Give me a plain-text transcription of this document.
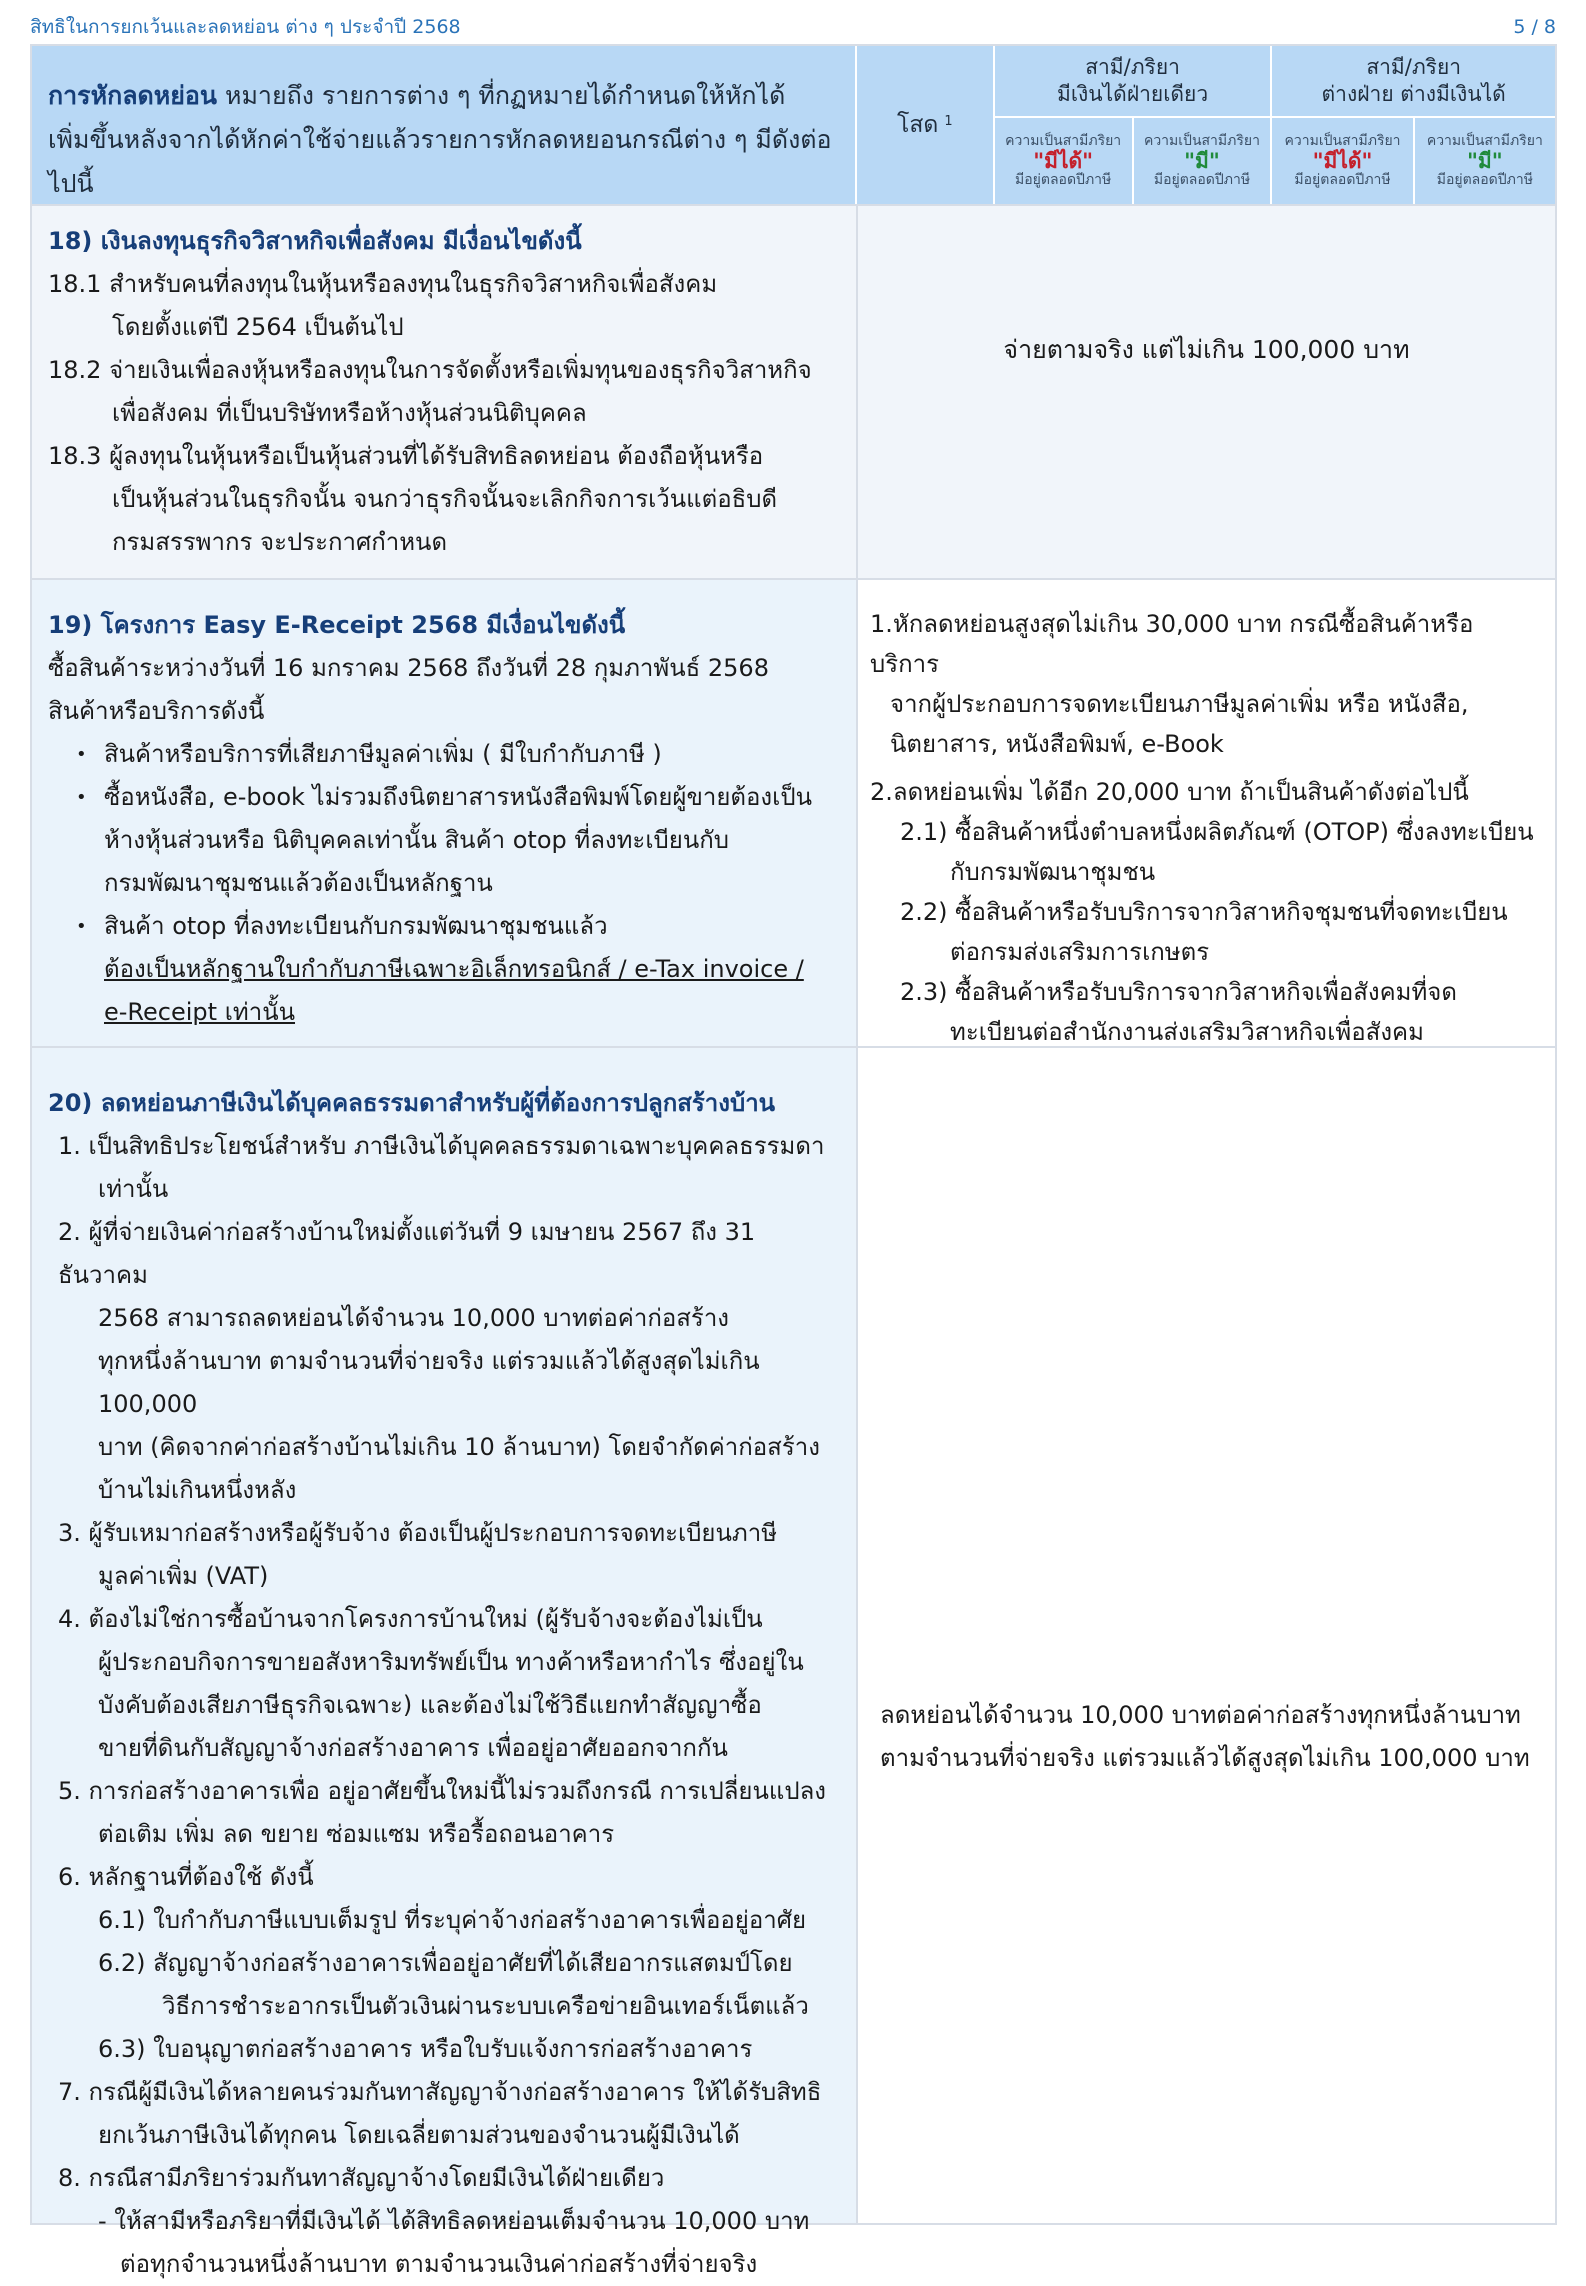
สิทธิในการยกเว้นและลดหย่อน ต่าง ๆ ประจำปี 2568	5 / 8
การหักลดหย่อน หมายถึง รายการต่าง ๆ ที่กฏหมายได้กำหนดให้หักได้
เพิ่มขึ้นหลังจากได้หักค่าใช้จ่ายแล้วรายการหักลดหยอนกรณีต่าง ๆ มีดังต่อไปนี้
โสด $^1$
สามี/ภริยา
มีเงินได้ฝ่ายเดียว
ความเป็นสามีภริยา
"มีได้"
มีอยู่ตลอดปีภาษี
ความเป็นสามีภริยา
"มี"
มีอยู่ตลอดปีภาษี
สามี/ภริยา
ต่างฝ่าย ต่างมีเงินได้
ความเป็นสามีภริยา
"มีได้"
มีอยู่ตลอดปีภาษี
ความเป็นสามีภริยา
"มี"
มีอยู่ตลอดปีภาษี
18) เงินลงทุนธุรกิจวิสาหกิจเพื่อสังคม มีเงื่อนไขดังนี้
18.1 สำหรับคนที่ลงทุนในหุ้นหรือลงทุนในธุรกิจวิสาหกิจเพื่อสังคม
โดยตั้งแต่ปี 2564 เป็นต้นไป
18.2 จ่ายเงินเพื่อลงหุ้นหรือลงทุนในการจัดตั้งหรือเพิ่มทุนของธุรกิจวิสาหกิจ
เพื่อสังคม ที่เป็นบริษัทหรือห้างหุ้นส่วนนิติบุคคล
18.3 ผู้ลงทุนในหุ้นหรือเป็นหุ้นส่วนที่ได้รับสิทธิลดหย่อน ต้องถือหุ้นหรือ
เป็นหุ้นส่วนในธุรกิจนั้น จนกว่าธุรกิจนั้นจะเลิกกิจการเว้นแต่อธิบดี
กรมสรรพากร จะประกาศกำหนด
จ่ายตามจริง แต่ไม่เกิน 100,000 บาท
19) โครงการ Easy E-Receipt 2568 มีเงื่อนไขดังนี้
ซื้อสินค้าระหว่างวันที่ 16 มกราคม 2568 ถึงวันที่ 28 กุมภาพันธ์ 2568
สินค้าหรือบริการดังนี้
• สินค้าหรือบริการที่เสียภาษีมูลค่าเพิ่ม ( มีใบกำกับภาษี )
• ซื้อหนังสือ, e-book ไม่รวมถึงนิตยาสารหนังสือพิมพ์โดยผู้ขายต้องเป็น
ห้างหุ้นส่วนหรือ นิติบุคคลเท่านั้น สินค้า otop ที่ลงทะเบียนกับ
กรมพัฒนาชุมชนแล้วต้องเป็นหลักฐาน
• สินค้า otop ที่ลงทะเบียนกับกรมพัฒนาชุมชนแล้ว
ต้องเป็นหลักฐานใบกำกับภาษีเฉพาะอิเล็กทรอนิกส์ / e-Tax invoice /
e-Receipt เท่านั้น
1.หักลดหย่อนสูงสุดไม่เกิน 30,000 บาท กรณีซื้อสินค้าหรือบริการ
จากผู้ประกอบการจดทะเบียนภาษีมูลค่าเพิ่ม หรือ หนังสือ,
นิตยาสาร, หนังสือพิมพ์, e-Book
2.ลดหย่อนเพิ่ม ได้อีก 20,000 บาท ถ้าเป็นสินค้าดังต่อไปนี้
2.1) ซื้อสินค้าหนึ่งตำบลหนึ่งผลิตภัณฑ์ (OTOP) ซึ่งลงทะเบียน
กับกรมพัฒนาชุมชน
2.2) ซื้อสินค้าหรือรับบริการจากวิสาหกิจชุมชนที่จดทะเบียน
ต่อกรมส่งเสริมการเกษตร
2.3) ซื้อสินค้าหรือรับบริการจากวิสาหกิจเพื่อสังคมที่จด
ทะเบียนต่อสำนักงานส่งเสริมวิสาหกิจเพื่อสังคม
20) ลดหย่อนภาษีเงินได้บุคคลธรรมดาสำหรับผู้ที่ต้องการปลูกสร้างบ้าน
1. เป็นสิทธิประโยชน์สำหรับ ภาษีเงินได้บุคคลธรรมดาเฉพาะบุคคลธรรมดา
เท่านั้น
2. ผู้ที่จ่ายเงินค่าก่อสร้างบ้านใหม่ตั้งแต่วันที่ 9 เมษายน 2567 ถึง 31 ธันวาคม
2568 สามารถลดหย่อนได้จำนวน 10,000 บาทต่อค่าก่อสร้าง
ทุกหนึ่งล้านบาท ตามจำนวนที่จ่ายจริง แต่รวมแล้วได้สูงสุดไม่เกิน 100,000
บาท (คิดจากค่าก่อสร้างบ้านไม่เกิน 10 ล้านบาท) โดยจำกัดค่าก่อสร้าง
บ้านไม่เกินหนึ่งหลัง
3. ผู้รับเหมาก่อสร้างหรือผู้รับจ้าง ต้องเป็นผู้ประกอบการจดทะเบียนภาษี
มูลค่าเพิ่ม (VAT)
4. ต้องไม่ใช่การซื้อบ้านจากโครงการบ้านใหม่ (ผู้รับจ้างจะต้องไม่เป็น
ผู้ประกอบกิจการขายอสังหาริมทรัพย์เป็น ทางค้าหรือหากำไร ซึ่งอยู่ใน
บังคับต้องเสียภาษีธุรกิจเฉพาะ) และต้องไม่ใช้วิธีแยกทำสัญญาซื้อ
ขายที่ดินกับสัญญาจ้างก่อสร้างอาคาร เพื่ออยู่อาศัยออกจากกัน
5. การก่อสร้างอาคารเพื่อ อยู่อาศัยขึ้นใหม่นี้ไม่รวมถึงกรณี การเปลี่ยนแปลง
ต่อเติม เพิ่ม ลด ขยาย ซ่อมแซม หรือรื้อถอนอาคาร
6. หลักฐานที่ต้องใช้ ดังนี้
6.1) ใบกำกับภาษีแบบเต็มรูป ที่ระบุค่าจ้างก่อสร้างอาคารเพื่ออยู่อาศัย
6.2) สัญญาจ้างก่อสร้างอาคารเพื่ออยู่อาศัยที่ได้เสียอากรแสตมป์โดย
วิธีการชำระอากรเป็นตัวเงินผ่านระบบเครือข่ายอินเทอร์เน็ตแล้ว
6.3) ใบอนุญาตก่อสร้างอาคาร หรือใบรับแจ้งการก่อสร้างอาคาร
7. กรณีผู้มีเงินได้หลายคนร่วมกันทาสัญญาจ้างก่อสร้างอาคาร ให้ได้รับสิทธิ
ยกเว้นภาษีเงินได้ทุกคน โดยเฉลี่ยตามส่วนของจำนวนผู้มีเงินได้
8. กรณีสามีภริยาร่วมกันทาสัญญาจ้างโดยมีเงินได้ฝ่ายเดียว
- ให้สามีหรือภริยาที่มีเงินได้ ได้สิทธิลดหย่อนเต็มจำนวน 10,000 บาท
ต่อทุกจำนวนหนึ่งล้านบาท ตามจำนวนเงินค่าก่อสร้างที่จ่ายจริง
ลดหย่อนได้จำนวน 10,000 บาทต่อค่าก่อสร้างทุกหนึ่งล้านบาท
ตามจำนวนที่จ่ายจริง แต่รวมแล้วได้สูงสุดไม่เกิน 100,000 บาท
